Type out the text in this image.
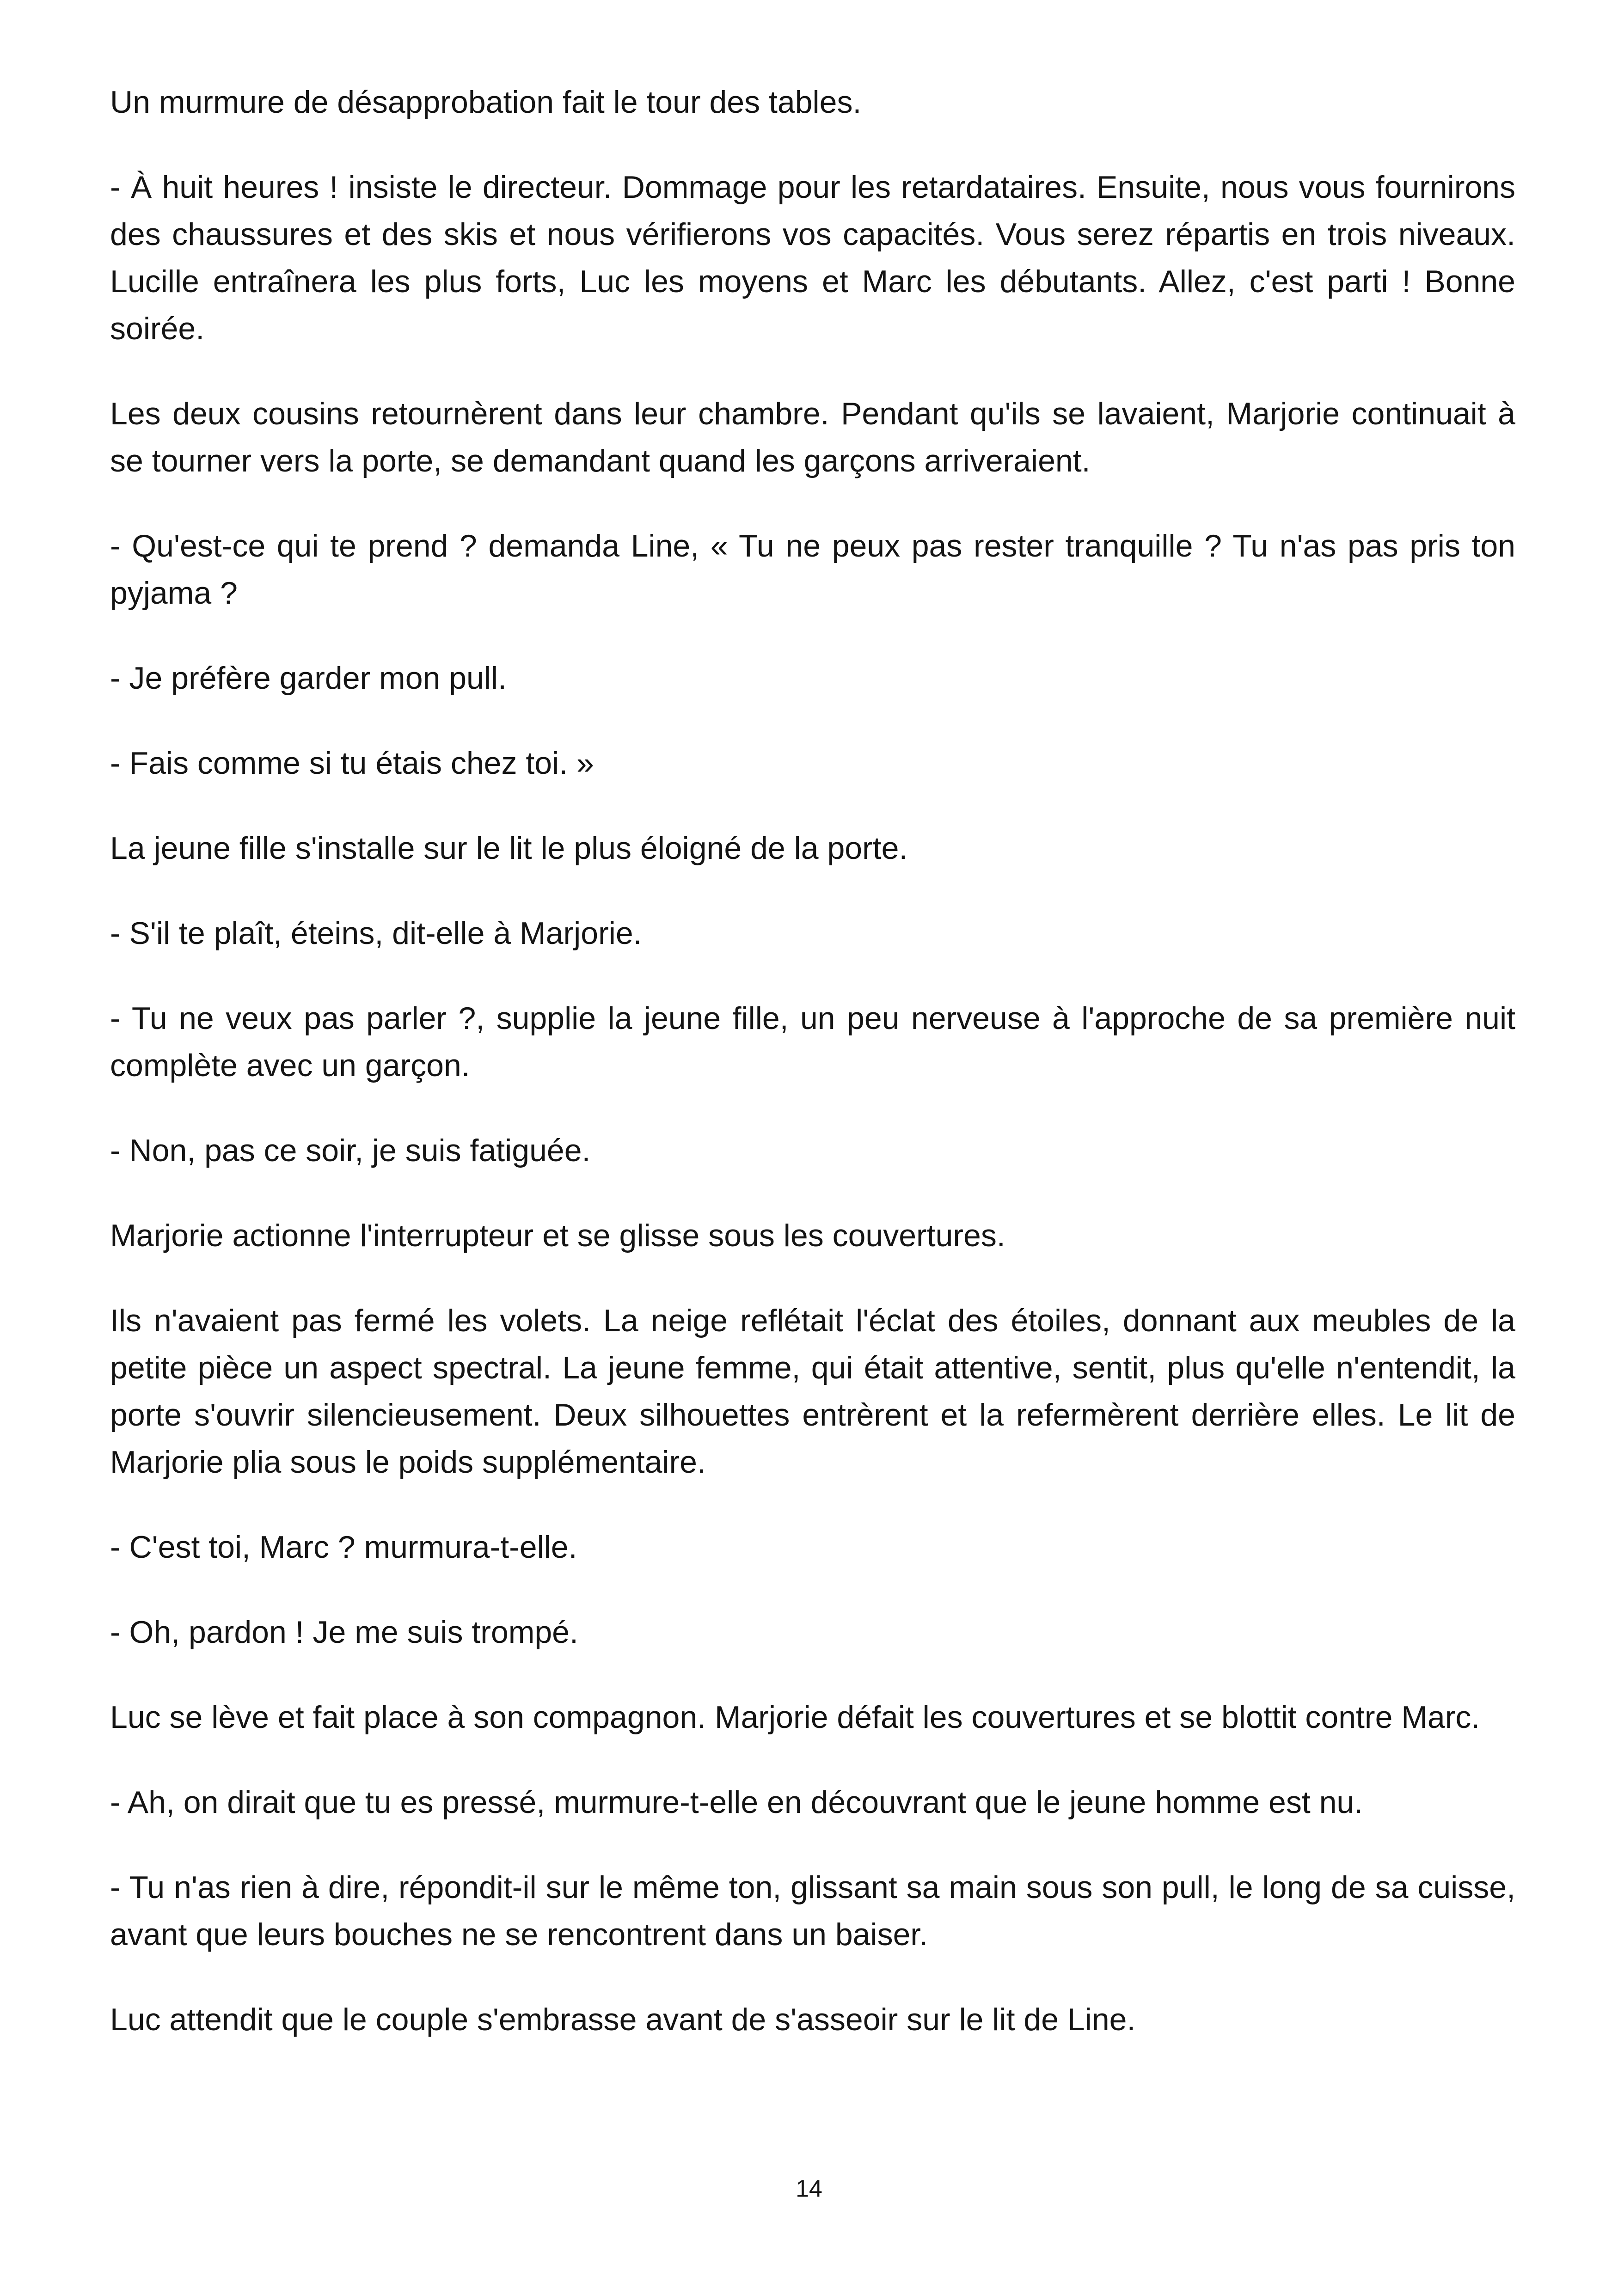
Un murmure de désapprobation fait le tour des tables.

- À huit heures ! insiste le directeur. Dommage pour les retardataires. Ensuite, nous vous fournirons des chaussures et des skis et nous vérifierons vos capacités. Vous serez répartis en trois niveaux. Lucille entraînera les plus forts, Luc les moyens et Marc les débutants. Allez, c'est parti ! Bonne soirée.

Les deux cousins retournèrent dans leur chambre. Pendant qu'ils se lavaient, Marjorie continuait à se tourner vers la porte, se demandant quand les garçons arriveraient.

- Qu'est-ce qui te prend ? demanda Line, « Tu ne peux pas rester tranquille ? Tu n'as pas pris ton pyjama ?

- Je préfère garder mon pull.

- Fais comme si tu étais chez toi. »

La jeune fille s'installe sur le lit le plus éloigné de la porte.

- S'il te plaît, éteins, dit-elle à Marjorie.

- Tu ne veux pas parler ?, supplie la jeune fille, un peu nerveuse à l'approche de sa première nuit complète avec un garçon.

- Non, pas ce soir, je suis fatiguée.

Marjorie actionne l'interrupteur et se glisse sous les couvertures.

Ils n'avaient pas fermé les volets. La neige reflétait l'éclat des étoiles, donnant aux meubles de la petite pièce un aspect spectral. La jeune femme, qui était attentive, sentit, plus qu'elle n'entendit, la porte s'ouvrir silencieusement. Deux silhouettes entrèrent et la refermèrent derrière elles. Le lit de Marjorie plia sous le poids supplémentaire.

- C'est toi, Marc ? murmura-t-elle.

- Oh, pardon ! Je me suis trompé.

Luc se lève et fait place à son compagnon. Marjorie défait les couvertures et se blottit contre Marc.

- Ah, on dirait que tu es pressé, murmure-t-elle en découvrant que le jeune homme est nu.

- Tu n'as rien à dire, répondit-il sur le même ton, glissant sa main sous son pull, le long de sa cuisse, avant que leurs bouches ne se rencontrent dans un baiser.

Luc attendit que le couple s'embrasse avant de s'asseoir sur le lit de Line.

14
